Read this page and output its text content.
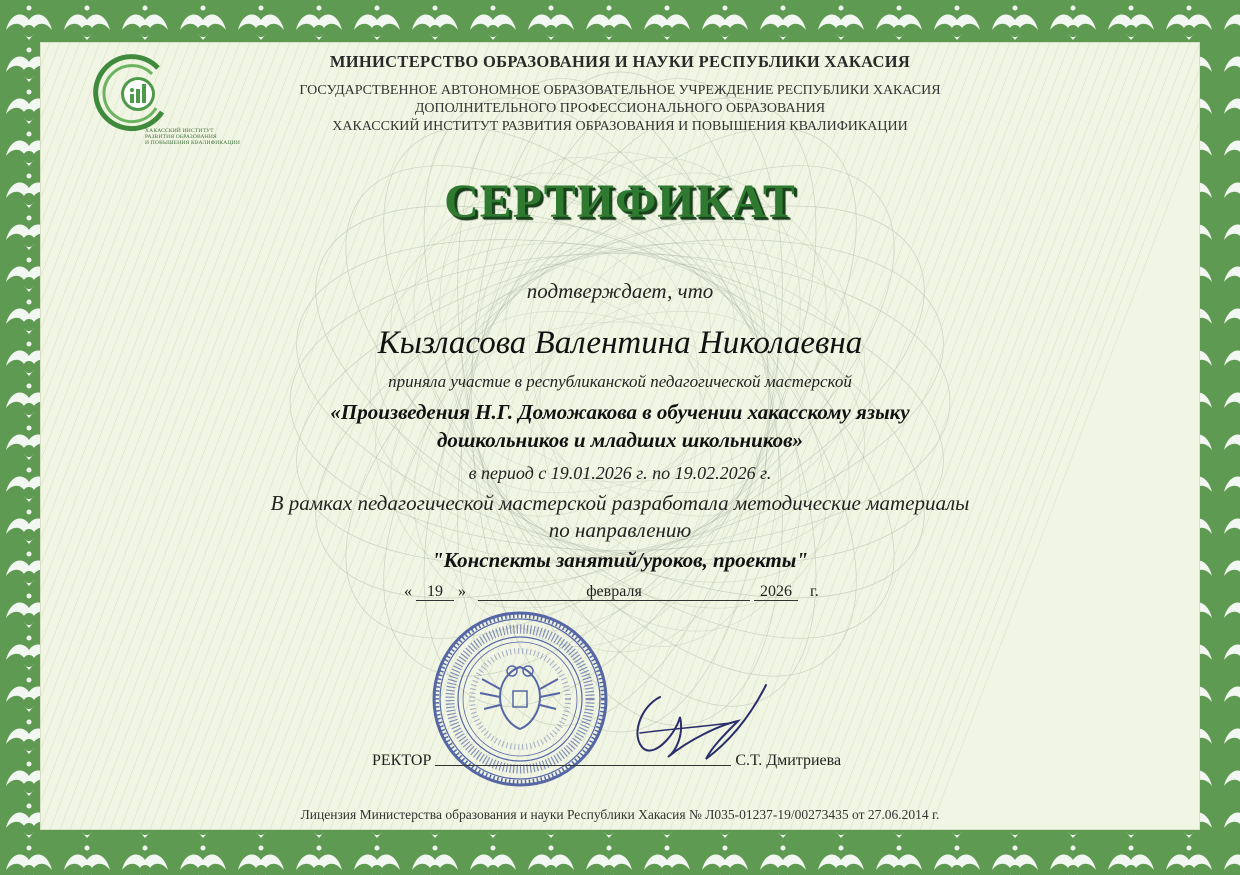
ХАКАССКИЙ ИНСТИТУТ
РАЗВИТИЯ ОБРАЗОВАНИЯ
И ПОВЫШЕНИЯ КВАЛИФИКАЦИИ
МИНИСТЕРСТВО ОБРАЗОВАНИЯ И НАУКИ РЕСПУБЛИКИ ХАКАСИЯ
ГОСУДАРСТВЕННОЕ АВТОНОМНОЕ ОБРАЗОВАТЕЛЬНОЕ УЧРЕЖДЕНИЕ РЕСПУБЛИКИ ХАКАСИЯ
ДОПОЛНИТЕЛЬНОГО ПРОФЕССИОНАЛЬНОГО ОБРАЗОВАНИЯ
ХАКАССКИЙ ИНСТИТУТ РАЗВИТИЯ ОБРАЗОВАНИЯ И ПОВЫШЕНИЯ КВАЛИФИКАЦИИ
СЕРТИФИКАТ
подтверждает, что
Кызласова Валентина Николаевна
приняла участие в республиканской педагогической мастерской
«Произведения Н.Г. Доможакова в обучении хакасскому языку
дошкольников и младших школьников»
в период с 19.01.2026 г. по 19.02.2026 г.
В рамках педагогической мастерской разработала методические материалы
по направлению
"Конспекты занятий/уроков, проекты"
« 19 »	февраля	2026 г.
РЕКТОР	С.Т. Дмитриева
Лицензия Министерства образования и науки Республики Хакасия № Л035-01237-19/00273435 от 27.06.2014 г.
